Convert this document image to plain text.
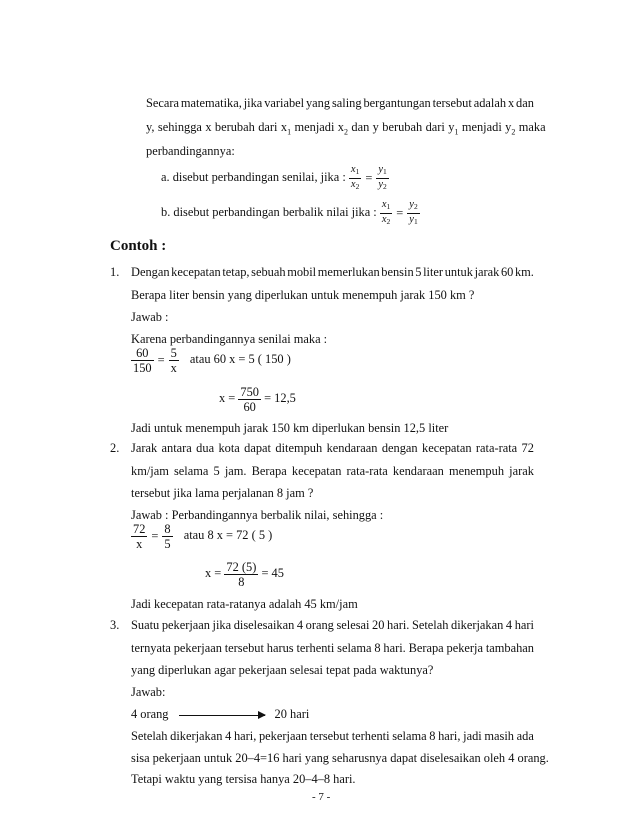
Secara matematika, jika variabel yang saling bergantungan tersebut adalah x dan
y, sehingga x berubah dari $x_1$ menjadi $x_2$ dan y berubah dari $y_1$ menjadi $y_2$ maka
perbandingannya:
a. disebut perbandingan senilai, jika : $\frac{x_1}{x_2} = \frac{y_1}{y_2}$
b. disebut perbandingan berbalik nilai jika : $\frac{x_1}{x_2} = \frac{y_2}{y_1}$
Contoh :
1. Dengan kecepatan tetap, sebuah mobil memerlukan bensin 5 liter untuk jarak 60 km.
Berapa liter bensin yang diperlukan untuk menempuh jarak 150 km ?
Jawab :
Karena perbandingannya senilai maka :
$\frac{60}{150} = \frac{5}{x}$ atau 60 x = 5 ( 150 )
$x = \frac{750}{60} = 12,5$
Jadi untuk menempuh jarak 150 km diperlukan bensin 12,5 liter
2. Jarak antara dua kota dapat ditempuh kendaraan dengan kecepatan rata-rata 72
km/jam selama 5 jam. Berapa kecepatan rata-rata kendaraan menempuh jarak
tersebut jika lama perjalanan 8 jam ?
Jawab : Perbandingannya berbalik nilai, sehingga :
$\frac{72}{x} = \frac{8}{5}$ atau 8 x = 72 ( 5 )
$x = \frac{72 (5)}{8} = 45$
Jadi kecepatan rata-ratanya adalah 45 km/jam
3. Suatu pekerjaan jika diselesaikan 4 orang selesai 20 hari. Setelah dikerjakan 4 hari
ternyata pekerjaan tersebut harus terhenti selama 8 hari. Berapa pekerja tambahan
yang diperlukan agar pekerjaan selesai tepat pada waktunya?
Jawab:
4 orang	20 hari
Setelah dikerjakan 4 hari, pekerjaan tersebut terhenti selama 8 hari, jadi masih ada
sisa pekerjaan untuk 20–4=16 hari yang seharusnya dapat diselesaikan oleh 4 orang.
Tetapi waktu yang tersisa hanya 20–4–8 hari.
- 7 -
